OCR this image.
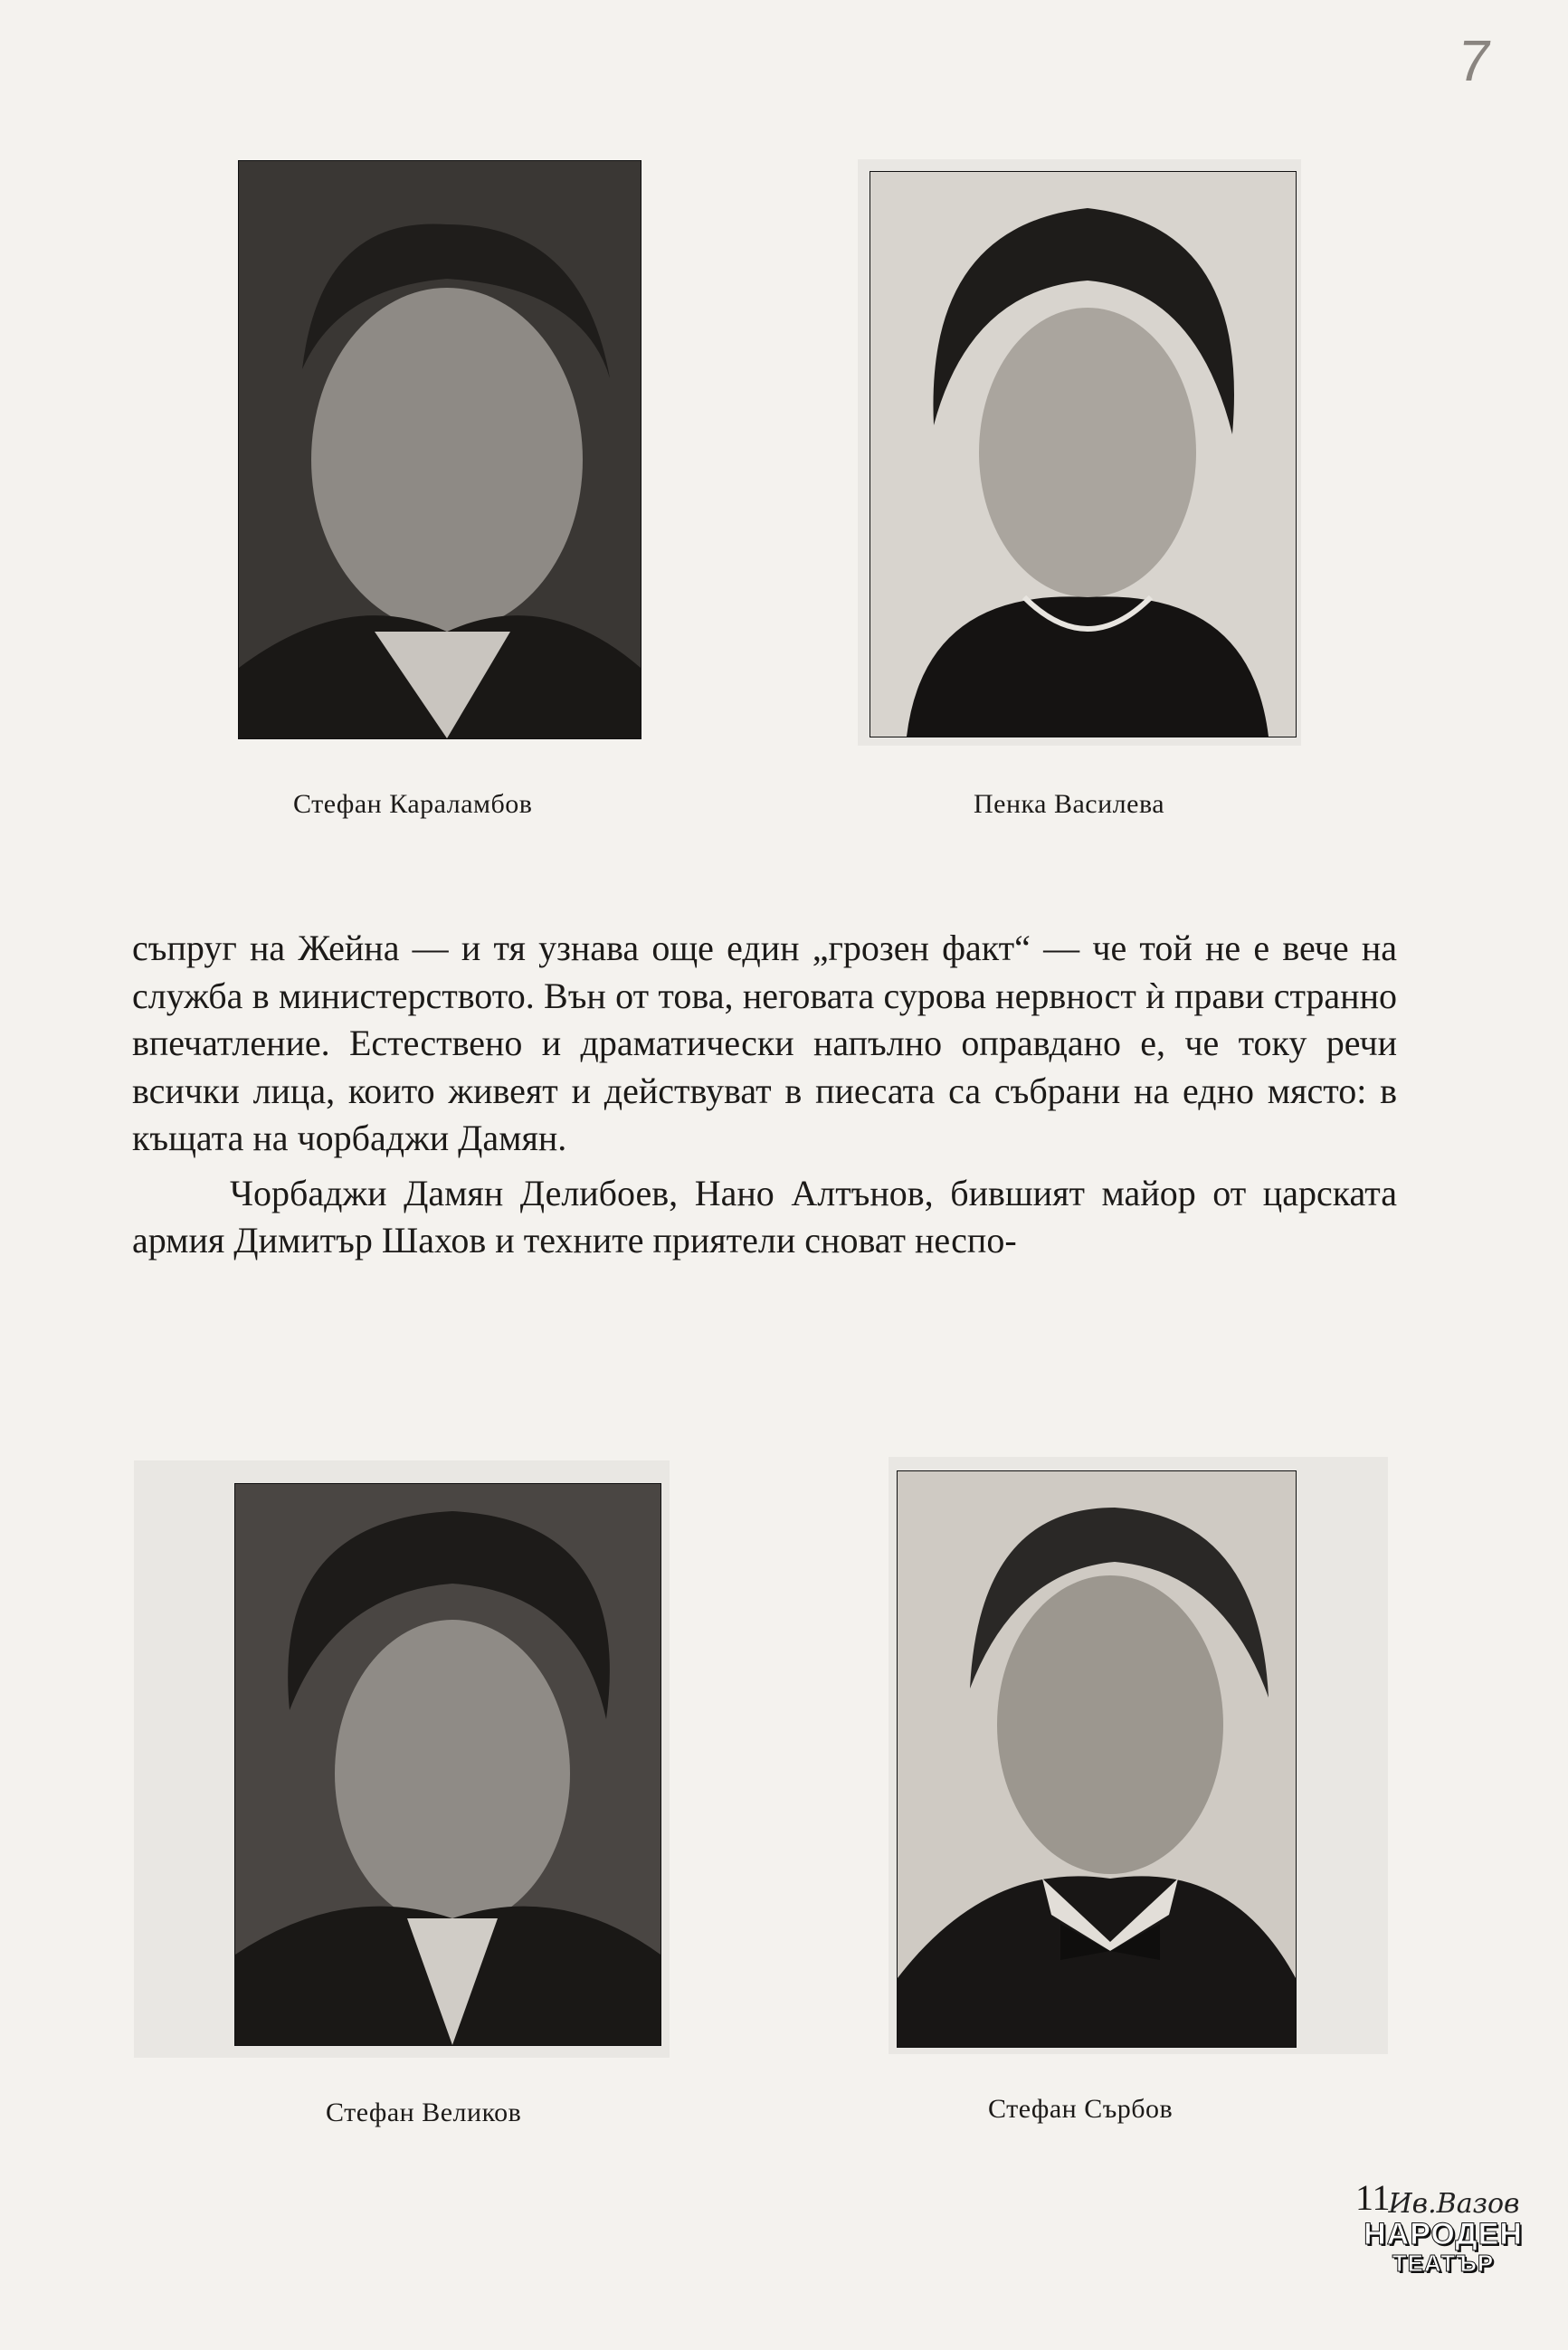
7
Стефан Караламбов	Пенка Василева

съпруг на Жейна — и тя узнава още един „грозен факт“ — че той не е вече на служба в министерството. Вън от това, неговата сурова нервност ѝ прави странно впечатление. Естествено и драматически напълно оправдано е, че току речи всички лица, които живеят и действуват в пиесата са събрани на едно място: в къщата на чорбаджи Дамян.

Чорбаджи Дамян Делибоев, Нано Алтънов, бившият майор от царската армия Димитър Шахов и техните приятели сноват неспо-

Стефан Великов	Стефан Сърбов
11
Ив.Вазов
НАРОДЕН
ТЕАТЪР
